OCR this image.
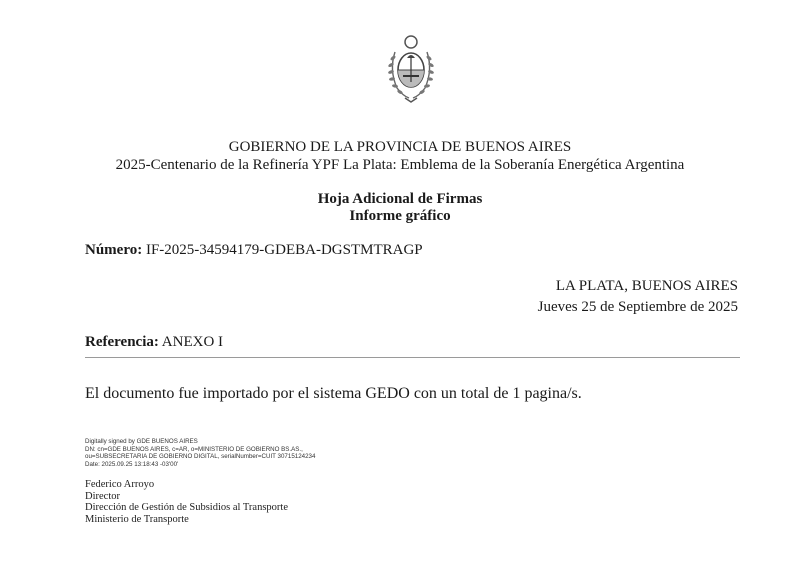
GOBIERNO DE LA PROVINCIA DE BUENOS AIRES
2025-Centenario de la Refinería YPF La Plata: Emblema de la Soberanía Energética Argentina
Hoja Adicional de Firmas
Informe gráfico
Número: IF-2025-34594179-GDEBA-DGSTMTRAGP
LA PLATA, BUENOS AIRES
Jueves 25 de Septiembre de 2025
Referencia: ANEXO I
El documento fue importado por el sistema GEDO con un total de 1 pagina/s.
Digitally signed by GDE BUENOS AIRES
DN: cn=GDE BUENOS AIRES, c=AR, o=MINISTERIO DE GOBIERNO BS.AS.,
ou=SUBSECRETARIA DE GOBIERNO DIGITAL, serialNumber=CUIT 30715124234
Date: 2025.09.25 13:18:43 -03'00'
Federico Arroyo
Director
Dirección de Gestión de Subsidios al Transporte
Ministerio de Transporte
